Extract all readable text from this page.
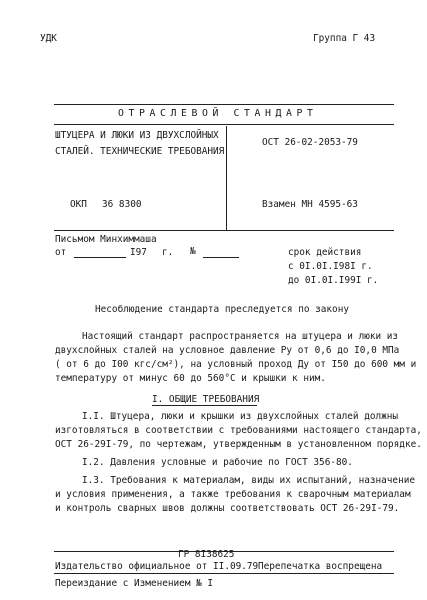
УДК	Группа Г 43
ОТРАСЛЕВОЙ СТАНДАРТ
ШТУЦЕРА И ЛЮКИ ИЗ ДВУХСЛОЙНЫХ
СТАЛЕЙ. ТЕХНИЧЕСКИЕ ТРЕБОВАНИЯ
ОСТ 26-02-2053-79
ОКП 36 8300	Взамен МН 4595-63
Письмом Минхиммаша
от	I97 г. №	срок действия
с 0I.0I.I98I г.
до 0I.0I.I99I г.
Несоблюдение стандарта преследуется по закону
Настоящий стандарт распространяется на штуцера и люки из
двухслойных сталей на условное давление Ру от 0,6 до I0,0 МПа
( от 6 до I00 кгс/см²), на условный проход Ду от I50 до 600 мм и
температуру от минус 60 до 560°С и крышки к ним.
I. ОБЩИЕ ТРЕБОВАНИЯ
I.I. Штуцера, люки и крышки из двухслойных сталей должны
изготовляться в соответствии с требованиями настоящего стандарта,
ОСТ 26-29I-79, по чертежам, утвержденным в установленном порядке.
I.2. Давления условные и рабочие по ГОСТ 356-80.
I.3. Требования к материалам, виды их испытаний, назначение
и условия применения, а также требования к сварочным материалам
и контроль сварных швов должны соответствовать ОСТ 26-29I-79.
ГР 8I38625
Издательство официальное от II.09.79 Перепечатка воспрещена
Переиздание с Изменением № I
